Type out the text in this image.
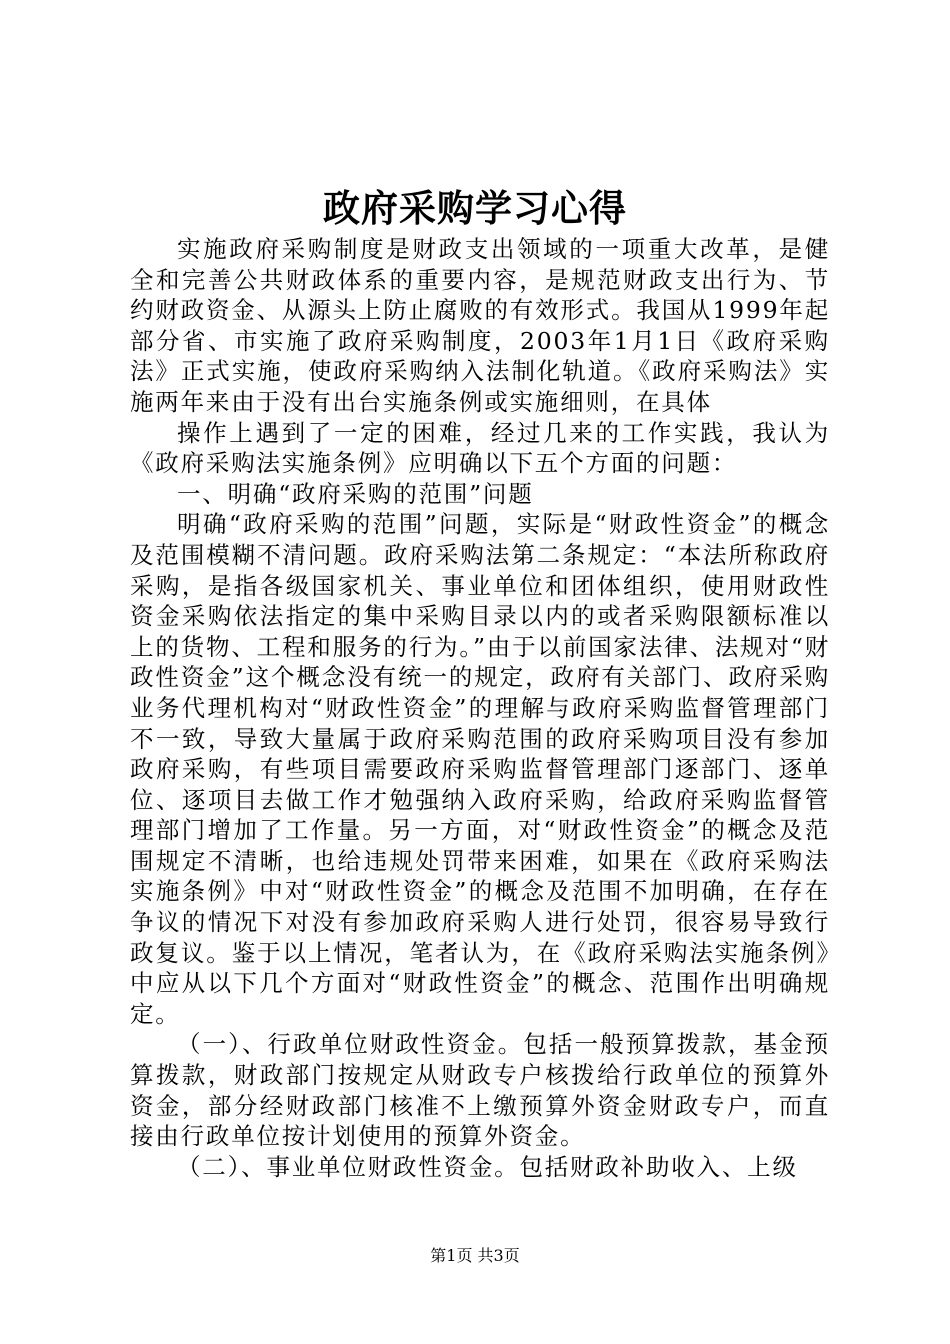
政府采购学习心得

实施政府采购制度是财政支出领域的一项重大改革，是健全和完善公共财政体系的重要内容，是规范财政支出行为、节约财政资金、从源头上防止腐败的有效形式。我国从1999年起部分省、市实施了政府采购制度，2003年1月1日《政府采购法》正式实施，使政府采购纳入法制化轨道。《政府采购法》实施两年来由于没有出台实施条例或实施细则，在具体

操作上遇到了一定的困难，经过几来的工作实践，我认为《政府采购法实施条例》应明确以下五个方面的问题：

一、明确“政府采购的范围”问题

明确“政府采购的范围”问题，实际是“财政性资金”的概念及范围模糊不清问题。政府采购法第二条规定：“本法所称政府采购，是指各级国家机关、事业单位和团体组织，使用财政性资金采购依法指定的集中采购目录以内的或者采购限额标准以上的货物、工程和服务的行为。”由于以前国家法律、法规对“财政性资金”这个概念没有统一的规定，政府有关部门、政府采购业务代理机构对“财政性资金”的理解与政府采购监督管理部门不一致，导致大量属于政府采购范围的政府采购项目没有参加政府采购，有些项目需要政府采购监督管理部门逐部门、逐单位、逐项目去做工作才勉强纳入政府采购，给政府采购监督管理部门增加了工作量。另一方面，对“财政性资金”的概念及范围规定不清晰，也给违规处罚带来困难，如果在《政府采购法实施条例》中对“财政性资金”的概念及范围不加明确，在存在争议的情况下对没有参加政府采购人进行处罚，很容易导致行政复议。鉴于以上情况，笔者认为，在《政府采购法实施条例》中应从以下几个方面对“财政性资金”的概念、范围作出明确规定。

（一）、行政单位财政性资金。包括一般预算拨款，基金预算拨款，财政部门按规定从财政专户核拨给行政单位的预算外资金，部分经财政部门核准不上缴预算外资金财政专户，而直接由行政单位按计划使用的预算外资金。

（二）、事业单位财政性资金。包括财政补助收入、上级

第1页 共3页
